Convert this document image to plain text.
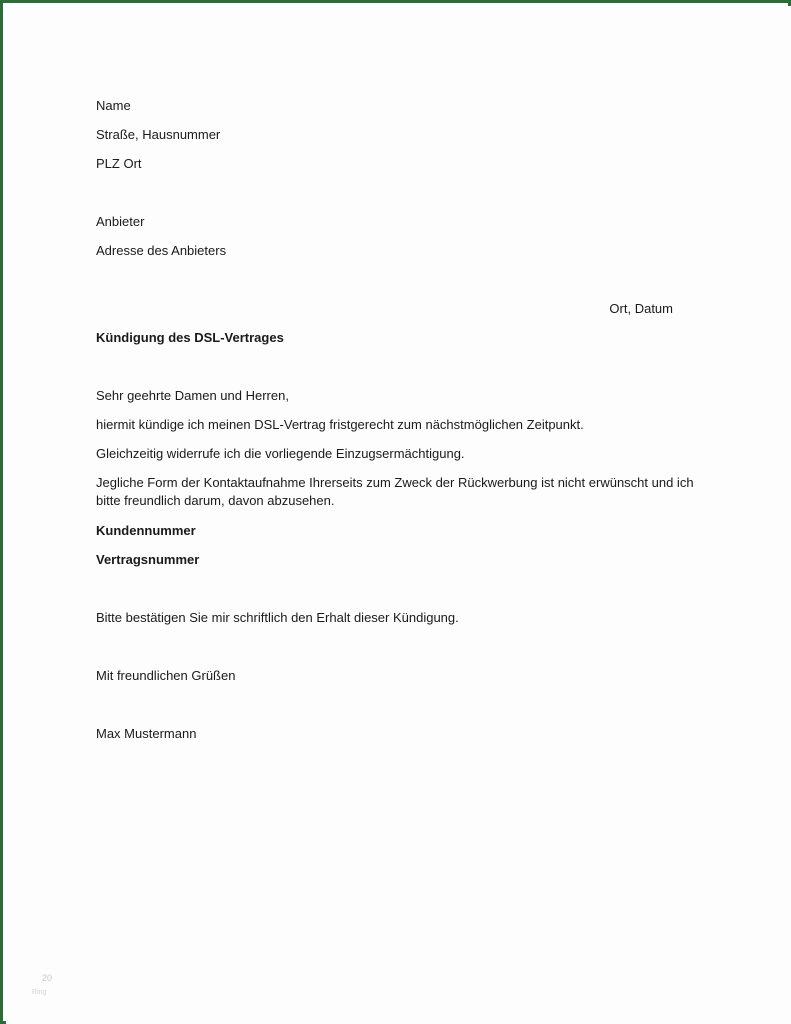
Name
Straße, Hausnummer
PLZ Ort
Anbieter
Adresse des Anbieters
Ort, Datum
Kündigung des DSL-Vertrages
Sehr geehrte Damen und Herren,
hiermit kündige ich meinen DSL-Vertrag fristgerecht zum nächstmöglichen Zeitpunkt.
Gleichzeitig widerrufe ich die vorliegende Einzugsermächtigung.
Jegliche Form der Kontaktaufnahme Ihrerseits zum Zweck der Rückwerbung ist nicht erwünscht und ich bitte freundlich darum, davon abzusehen.
Kundennummer
Vertragsnummer
Bitte bestätigen Sie mir schriftlich den Erhalt dieser Kündigung.
Mit freundlichen Grüßen
Max Mustermann
20
Ring
